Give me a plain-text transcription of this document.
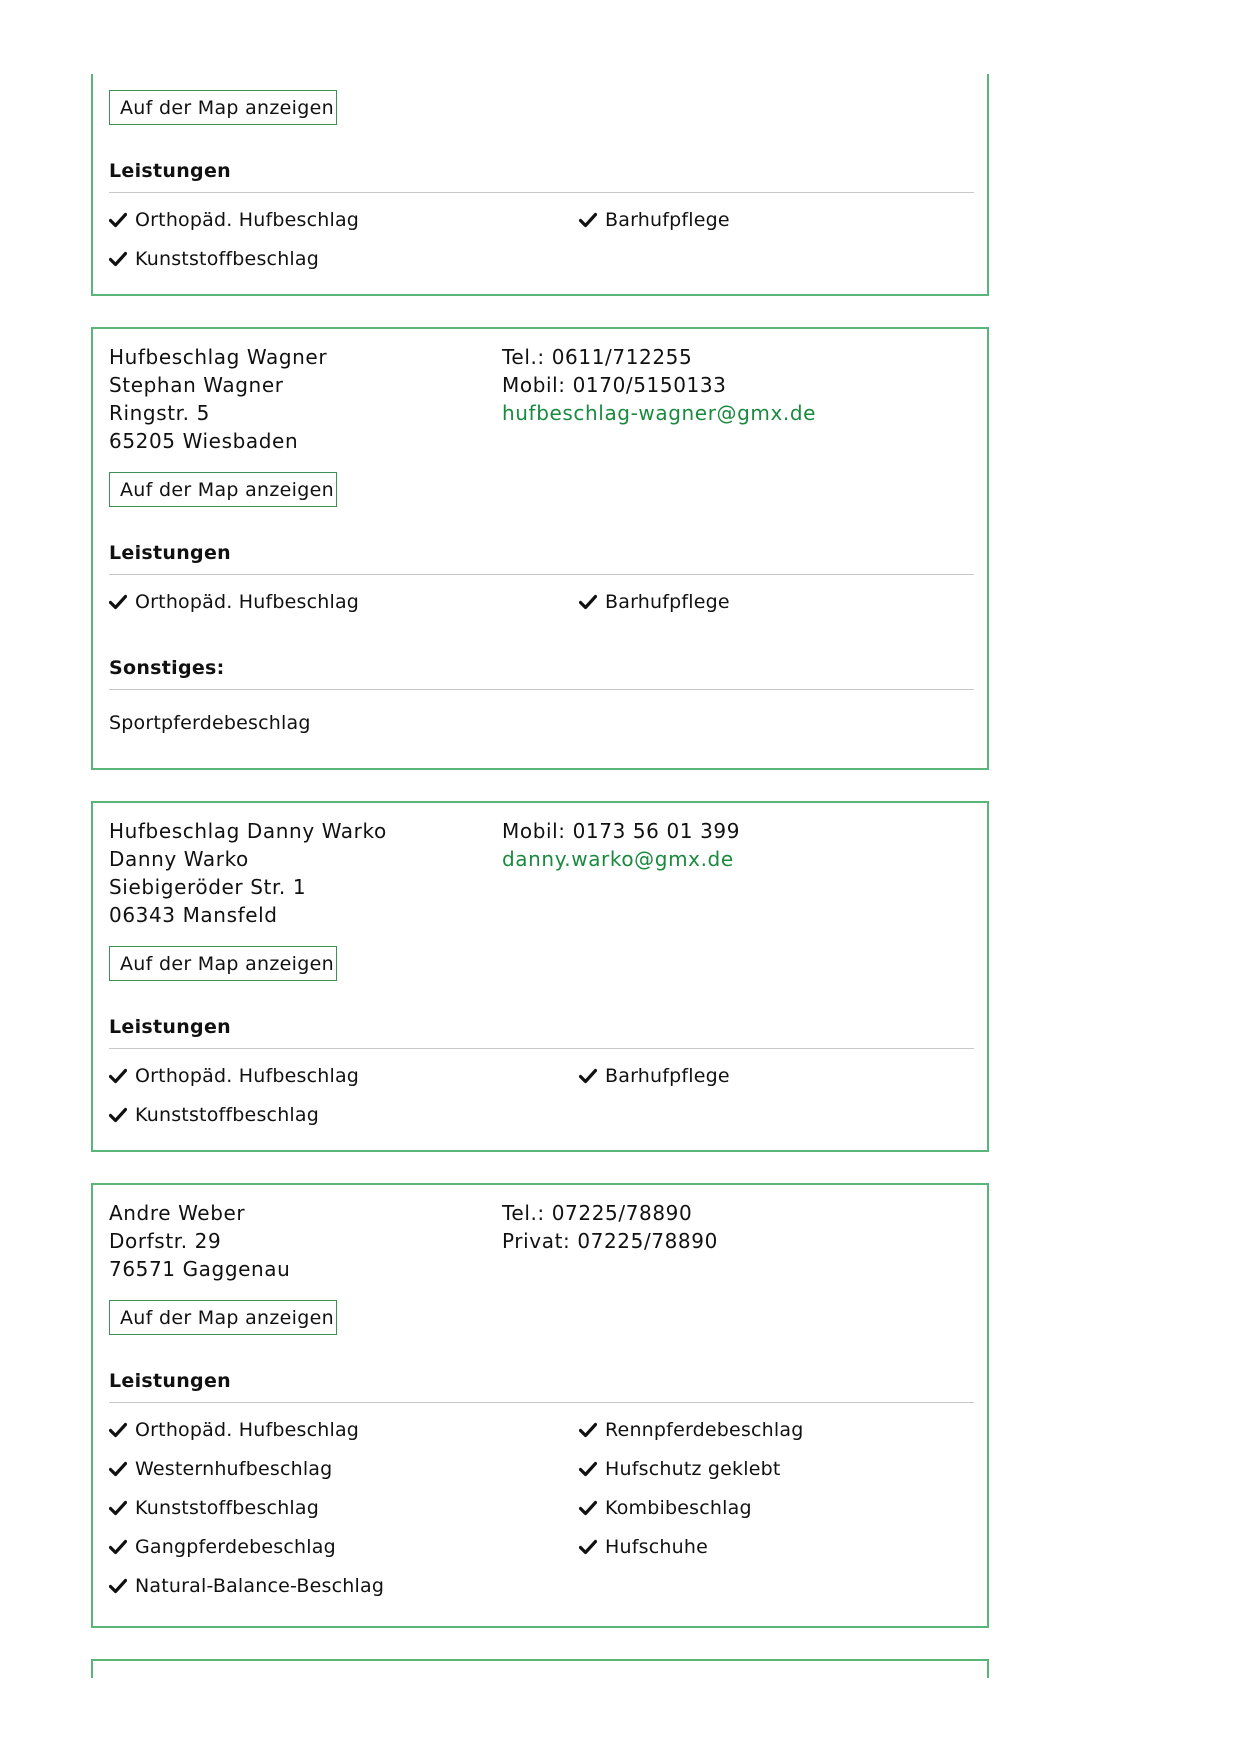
Auf der Map anzeigen
Leistungen
Orthopäd. Hufbeschlag	Barhufpflege
Kunststoffbeschlag
Hufbeschlag Wagner
Stephan Wagner
Ringstr. 5
65205 Wiesbaden
Tel.: 0611/712255
Mobil: 0170/5150133
hufbeschlag-wagner@gmx.de
Auf der Map anzeigen
Leistungen
Orthopäd. Hufbeschlag	Barhufpflege
Sonstiges:
Sportpferdebeschlag
Hufbeschlag Danny Warko
Danny Warko
Siebigeröder Str. 1
06343 Mansfeld
Mobil: 0173 56 01 399
danny.warko@gmx.de
Auf der Map anzeigen
Leistungen
Orthopäd. Hufbeschlag	Barhufpflege
Kunststoffbeschlag
Andre Weber
Dorfstr. 29
76571 Gaggenau
Tel.: 07225/78890
Privat: 07225/78890
Auf der Map anzeigen
Leistungen
Orthopäd. Hufbeschlag	Rennpferdebeschlag
Westernhufbeschlag	Hufschutz geklebt
Kunststoffbeschlag	Kombibeschlag
Gangpferdebeschlag	Hufschuhe
Natural-Balance-Beschlag
